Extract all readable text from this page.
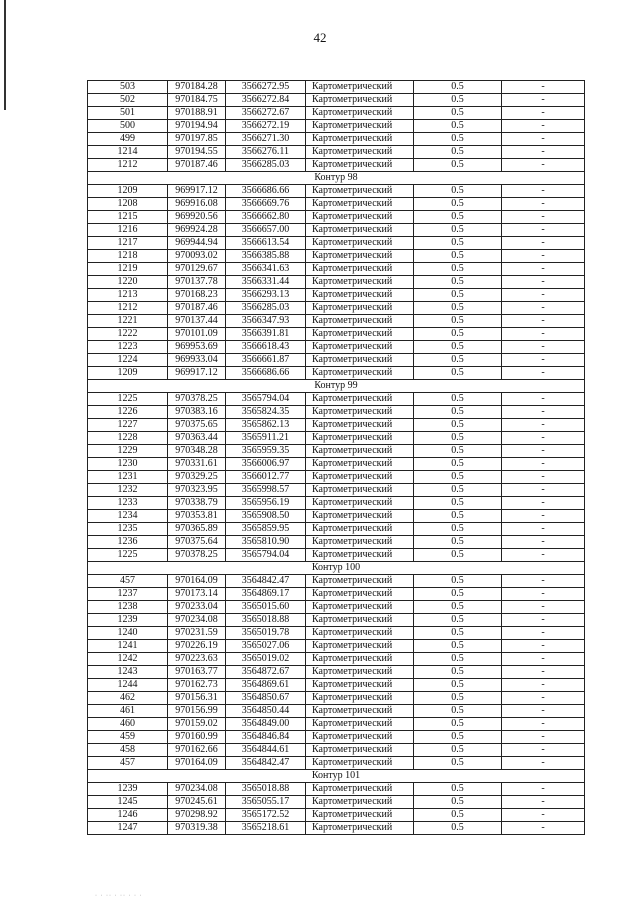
42
503	970184.28	3566272.95	Картометрический	0.5	-
502	970184.75	3566272.84	Картометрический	0.5	-
501	970188.91	3566272.67	Картометрический	0.5	-
500	970194.94	3566272.19	Картометрический	0.5	-
499	970197.85	3566271.30	Картометрический	0.5	-
1214	970194.55	3566276.11	Картометрический	0.5	-
1212	970187.46	3566285.03	Картометрический	0.5	-
Контур 98					
1209	969917.12	3566686.66	Картометрический	0.5	-
1208	969916.08	3566669.76	Картометрический	0.5	-
1215	969920.56	3566662.80	Картометрический	0.5	-
1216	969924.28	3566657.00	Картометрический	0.5	-
1217	969944.94	3566613.54	Картометрический	0.5	-
1218	970093.02	3566385.88	Картометрический	0.5	-
1219	970129.67	3566341.63	Картометрический	0.5	-
1220	970137.78	3566331.44	Картометрический	0.5	-
1213	970168.23	3566293.13	Картометрический	0.5	-
1212	970187.46	3566285.03	Картометрический	0.5	-
1221	970137.44	3566347.93	Картометрический	0.5	-
1222	970101.09	3566391.81	Картометрический	0.5	-
1223	969953.69	3566618.43	Картометрический	0.5	-
1224	969933.04	3566661.87	Картометрический	0.5	-
1209	969917.12	3566686.66	Картометрический	0.5	-
Контур 99					
1225	970378.25	3565794.04	Картометрический	0.5	-
1226	970383.16	3565824.35	Картометрический	0.5	-
1227	970375.65	3565862.13	Картометрический	0.5	-
1228	970363.44	3565911.21	Картометрический	0.5	-
1229	970348.28	3565959.35	Картометрический	0.5	-
1230	970331.61	3566006.97	Картометрический	0.5	-
1231	970329.25	3566012.77	Картометрический	0.5	-
1232	970323.95	3565998.57	Картометрический	0.5	-
1233	970338.79	3565956.19	Картометрический	0.5	-
1234	970353.81	3565908.50	Картометрический	0.5	-
1235	970365.89	3565859.95	Картометрический	0.5	-
1236	970375.64	3565810.90	Картометрический	0.5	-
1225	970378.25	3565794.04	Картометрический	0.5	-
Контур 100					
457	970164.09	3564842.47	Картометрический	0.5	-
1237	970173.14	3564869.17	Картометрический	0.5	-
1238	970233.04	3565015.60	Картометрический	0.5	-
1239	970234.08	3565018.88	Картометрический	0.5	-
1240	970231.59	3565019.78	Картометрический	0.5	-
1241	970226.19	3565027.06	Картометрический	0.5	-
1242	970223.63	3565019.02	Картометрический	0.5	-
1243	970163.77	3564872.67	Картометрический	0.5	-
1244	970162.73	3564869.61	Картометрический	0.5	-
462	970156.31	3564850.67	Картометрический	0.5	-
461	970156.99	3564850.44	Картометрический	0.5	-
460	970159.02	3564849.00	Картометрический	0.5	-
459	970160.99	3564846.84	Картометрический	0.5	-
458	970162.66	3564844.61	Картометрический	0.5	-
457	970164.09	3564842.47	Картометрический	0.5	-
Контур 101					
1239	970234.08	3565018.88	Картометрический	0.5	-
1245	970245.61	3565055.17	Картометрический	0.5	-
1246	970298.92	3565172.52	Картометрический	0.5	-
1247	970319.38	3565218.61	Картометрический	0.5	-
· · ·· · ·· · · ·
